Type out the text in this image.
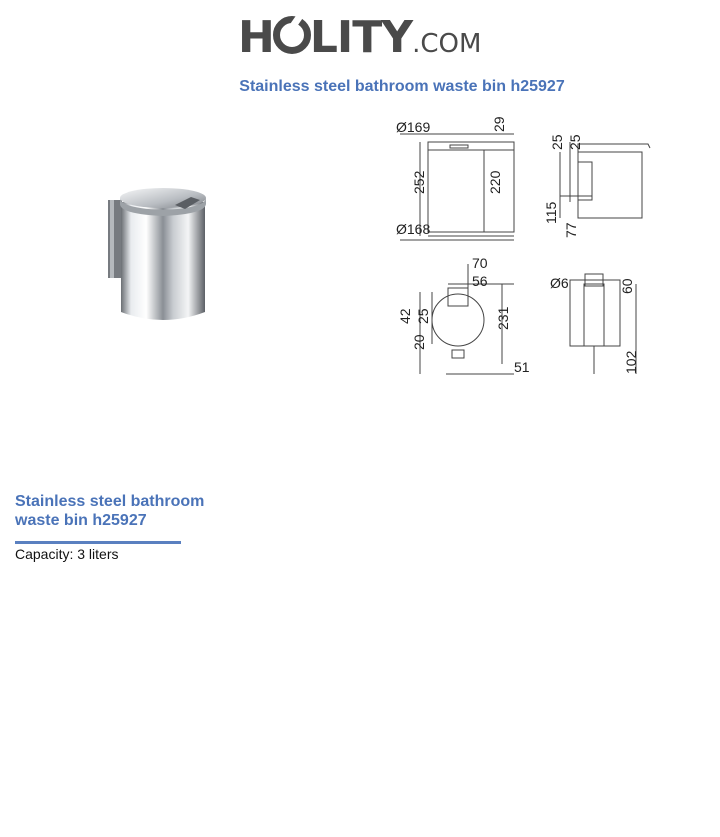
H LITY.COM
Stainless steel bathroom waste bin h25927
Ø169	29
252	220
Ø168
25 25
115
77
70
56
42 25	231
20
51
Ø6	60
102
Stainless steel bathroom
waste bin h25927
Capacity: 3 liters
